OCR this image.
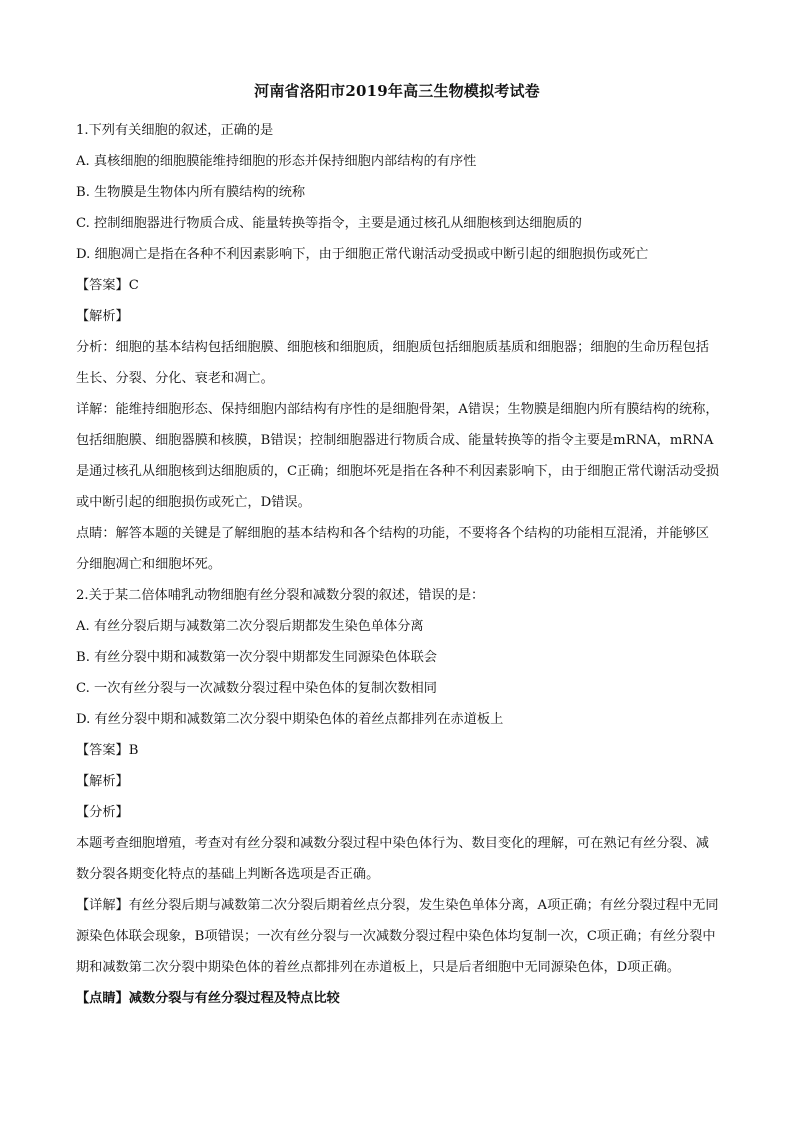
河南省洛阳市2019年高三生物模拟考试卷

1.下列有关细胞的叙述，正确的是

A. 真核细胞的细胞膜能维持细胞的形态并保持细胞内部结构的有序性

B. 生物膜是生物体内所有膜结构的统称

C. 控制细胞器进行物质合成、能量转换等指令，主要是通过核孔从细胞核到达细胞质的

D. 细胞凋亡是指在各种不利因素影响下，由于细胞正常代谢活动受损或中断引起的细胞损伤或死亡

【答案】C

【解析】

分析：细胞的基本结构包括细胞膜、细胞核和细胞质，细胞质包括细胞质基质和细胞器；细胞的生命历程包括生长、分裂、分化、衰老和凋亡。

详解：能维持细胞形态、保持细胞内部结构有序性的是细胞骨架，A错误；生物膜是细胞内所有膜结构的统称，包括细胞膜、细胞器膜和核膜，B错误；控制细胞器进行物质合成、能量转换等的指令主要是mRNA，mRNA是通过核孔从细胞核到达细胞质的，C正确；细胞坏死是指在各种不利因素影响下，由于细胞正常代谢活动受损或中断引起的细胞损伤或死亡，D错误。

点睛：解答本题的关键是了解细胞的基本结构和各个结构的功能，不要将各个结构的功能相互混淆，并能够区分细胞凋亡和细胞坏死。

2.关于某二倍体哺乳动物细胞有丝分裂和减数分裂的叙述，错误的是：

A. 有丝分裂后期与减数第二次分裂后期都发生染色单体分离

B. 有丝分裂中期和减数第一次分裂中期都发生同源染色体联会

C. 一次有丝分裂与一次减数分裂过程中染色体的复制次数相同

D. 有丝分裂中期和减数第二次分裂中期染色体的着丝点都排列在赤道板上

【答案】B

【解析】

【分析】

本题考查细胞增殖，考查对有丝分裂和减数分裂过程中染色体行为、数目变化的理解，可在熟记有丝分裂、减数分裂各期变化特点的基础上判断各选项是否正确。

【详解】有丝分裂后期与减数第二次分裂后期着丝点分裂，发生染色单体分离，A项正确；有丝分裂过程中无同源染色体联会现象，B项错误；一次有丝分裂与一次减数分裂过程中染色体均复制一次，C项正确；有丝分裂中期和减数第二次分裂中期染色体的着丝点都排列在赤道板上，只是后者细胞中无同源染色体，D项正确。

【点睛】减数分裂与有丝分裂过程及特点比较
